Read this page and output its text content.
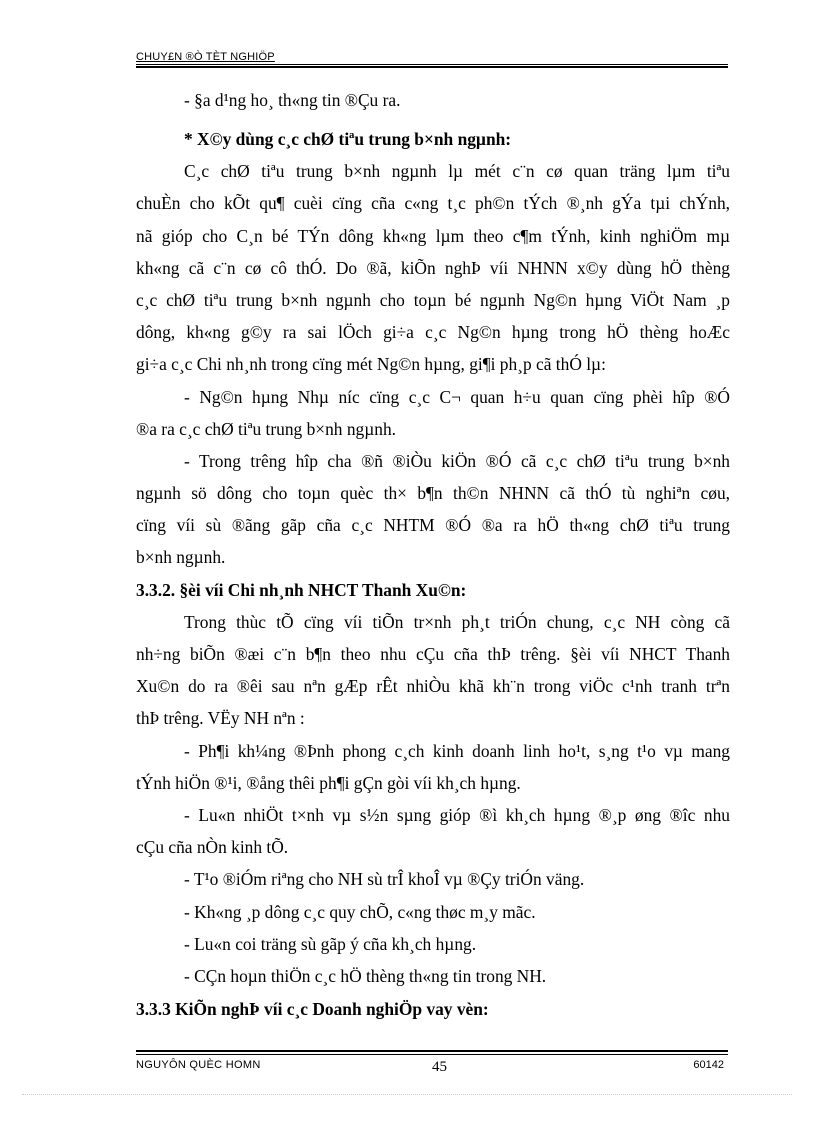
CHUY£N ®Ò TÈT NGHIÖP
- §a d¹ng ho¸ th«ng tin ®Çu ra.
* X©y dùng c¸c chØ tiªu trung b×nh ngµnh:
C¸c chØ tiªu trung b×nh ngµnh lµ mét c¨n cø quan träng lµm tiªu
chuÈn cho kÕt qu¶ cuèi cïng cña c«ng t¸c ph©n tÝch ®¸nh gÝa tµi chÝnh,
nã gióp cho C¸n bé TÝn dông kh«ng lµm theo c¶m tÝnh, kinh nghiÖm mµ
kh«ng cã c¨n cø cô thÓ. Do ®ã, kiÕn nghÞ víi NHNN x©y dùng hÖ thèng
c¸c chØ tiªu trung b×nh ngµnh cho toµn bé ngµnh Ng©n hµng ViÖt Nam ¸p
dông, kh«ng g©y ra sai lÖch gi÷a c¸c Ng©n hµng trong hÖ thèng hoÆc
gi÷a c¸c Chi nh¸nh trong cïng mét Ng©n hµng, gi¶i ph¸p cã thÓ lµ:
- Ng©n hµng Nhµ níc cïng c¸c C¬ quan h÷u quan cïng phèi hîp ®Ó
®a ra c¸c chØ tiªu trung b×nh ngµnh.
- Trong trêng hîp cha ®ñ ®iÒu kiÖn ®Ó cã c¸c chØ tiªu trung b×nh
ngµnh sö dông cho toµn quèc th× b¶n th©n NHNN cã thÓ tù nghiªn cøu,
cïng víi sù ®ãng gãp cña c¸c NHTM ®Ó ®a ra hÖ th«ng chØ tiªu trung
b×nh ngµnh.
3.3.2. §èi víi Chi nh¸nh NHCT Thanh Xu©n:
Trong thùc tÕ cïng víi tiÕn tr×nh ph¸t triÓn chung, c¸c NH còng cã
nh÷ng biÕn ®æi c¨n b¶n theo nhu cÇu cña thÞ trêng. §èi víi NHCT Thanh
Xu©n do ra ®êi sau nªn gÆp rÊt nhiÒu khã kh¨n trong viÖc c¹nh tranh trªn
thÞ trêng. VËy NH nªn :
- Ph¶i kh¼ng ®Þnh phong c¸ch kinh doanh linh ho¹t, s¸ng t¹o vµ mang
tÝnh hiÖn ®¹i, ®ång thêi ph¶i gÇn gòi víi kh¸ch hµng.
- Lu«n nhiÖt t×nh vµ s½n sµng gióp ®ì kh¸ch hµng ®¸p øng ®îc nhu
cÇu cña nÒn kinh tÕ.
- T¹o ®iÓm riªng cho NH sù trÎ khoÎ vµ ®Çy triÓn väng.
- Kh«ng ¸p dông c¸c quy chÕ, c«ng thøc m¸y mãc.
- Lu«n coi träng sù gãp ý cña kh¸ch hµng.
- CÇn hoµn thiÖn c¸c hÖ thèng th«ng tin trong NH.
3.3.3 KiÕn nghÞ víi c¸c Doanh nghiÖp vay vèn:
NGUYÔN QUÈC HOΜN	45	60142
